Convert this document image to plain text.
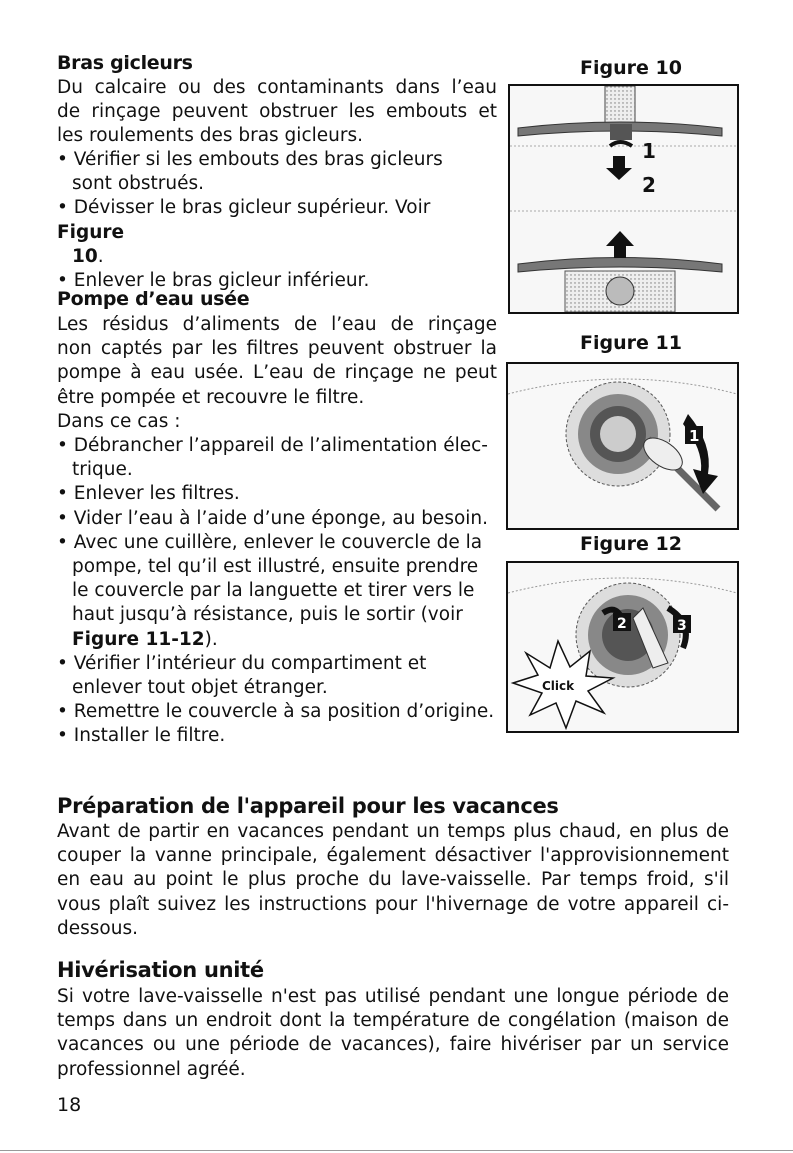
Bras gicleurs
Du calcaire ou des contaminants dans l’eau
de rinçage peuvent obstruer les embouts et
les roulements des bras gicleurs.
• Vérifier si les embouts des bras gicleurs
sont obstrués.
• Dévisser le bras gicleur supérieur. Voir Figure
10.
• Enlever le bras gicleur inférieur.
Pompe d’eau usée
Les résidus d’aliments de l’eau de rinçage
non captés par les filtres peuvent obstruer la
pompe à eau usée. L’eau de rinçage ne peut
être pompée et recouvre le filtre.
Dans ce cas :
• Débrancher l’appareil de l’alimentation élec-
trique.
• Enlever les filtres.
• Vider l’eau à l’aide d’une éponge, au besoin.
• Avec une cuillère, enlever le couvercle de la
pompe, tel qu’il est illustré, ensuite prendre
le couvercle par la languette et tirer vers le
haut jusqu’à résistance, puis le sortir (voir
Figure 11-12).
• Vérifier l’intérieur du compartiment et
enlever tout objet étranger.
• Remettre le couvercle à sa position d’origine.
• Installer le filtre.
Préparation de l'appareil pour les vacances
Avant de partir en vacances pendant un temps plus chaud, en plus de
couper la vanne principale, également désactiver l'approvisionnement
en eau au point le plus proche du lave-vaisselle. Par temps froid, s'il
vous plaît suivez les instructions pour l'hivernage de votre appareil ci-
dessous.
Hivérisation unité
Si votre lave-vaisselle n'est pas utilisé pendant une longue période de
temps dans un endroit dont la température de congélation (maison de
vacances ou une période de vacances), faire hivériser par un service
professionnel agréé.
18
Figure 10
1
2
Figure 11
1
Figure 12
2	3
Click
